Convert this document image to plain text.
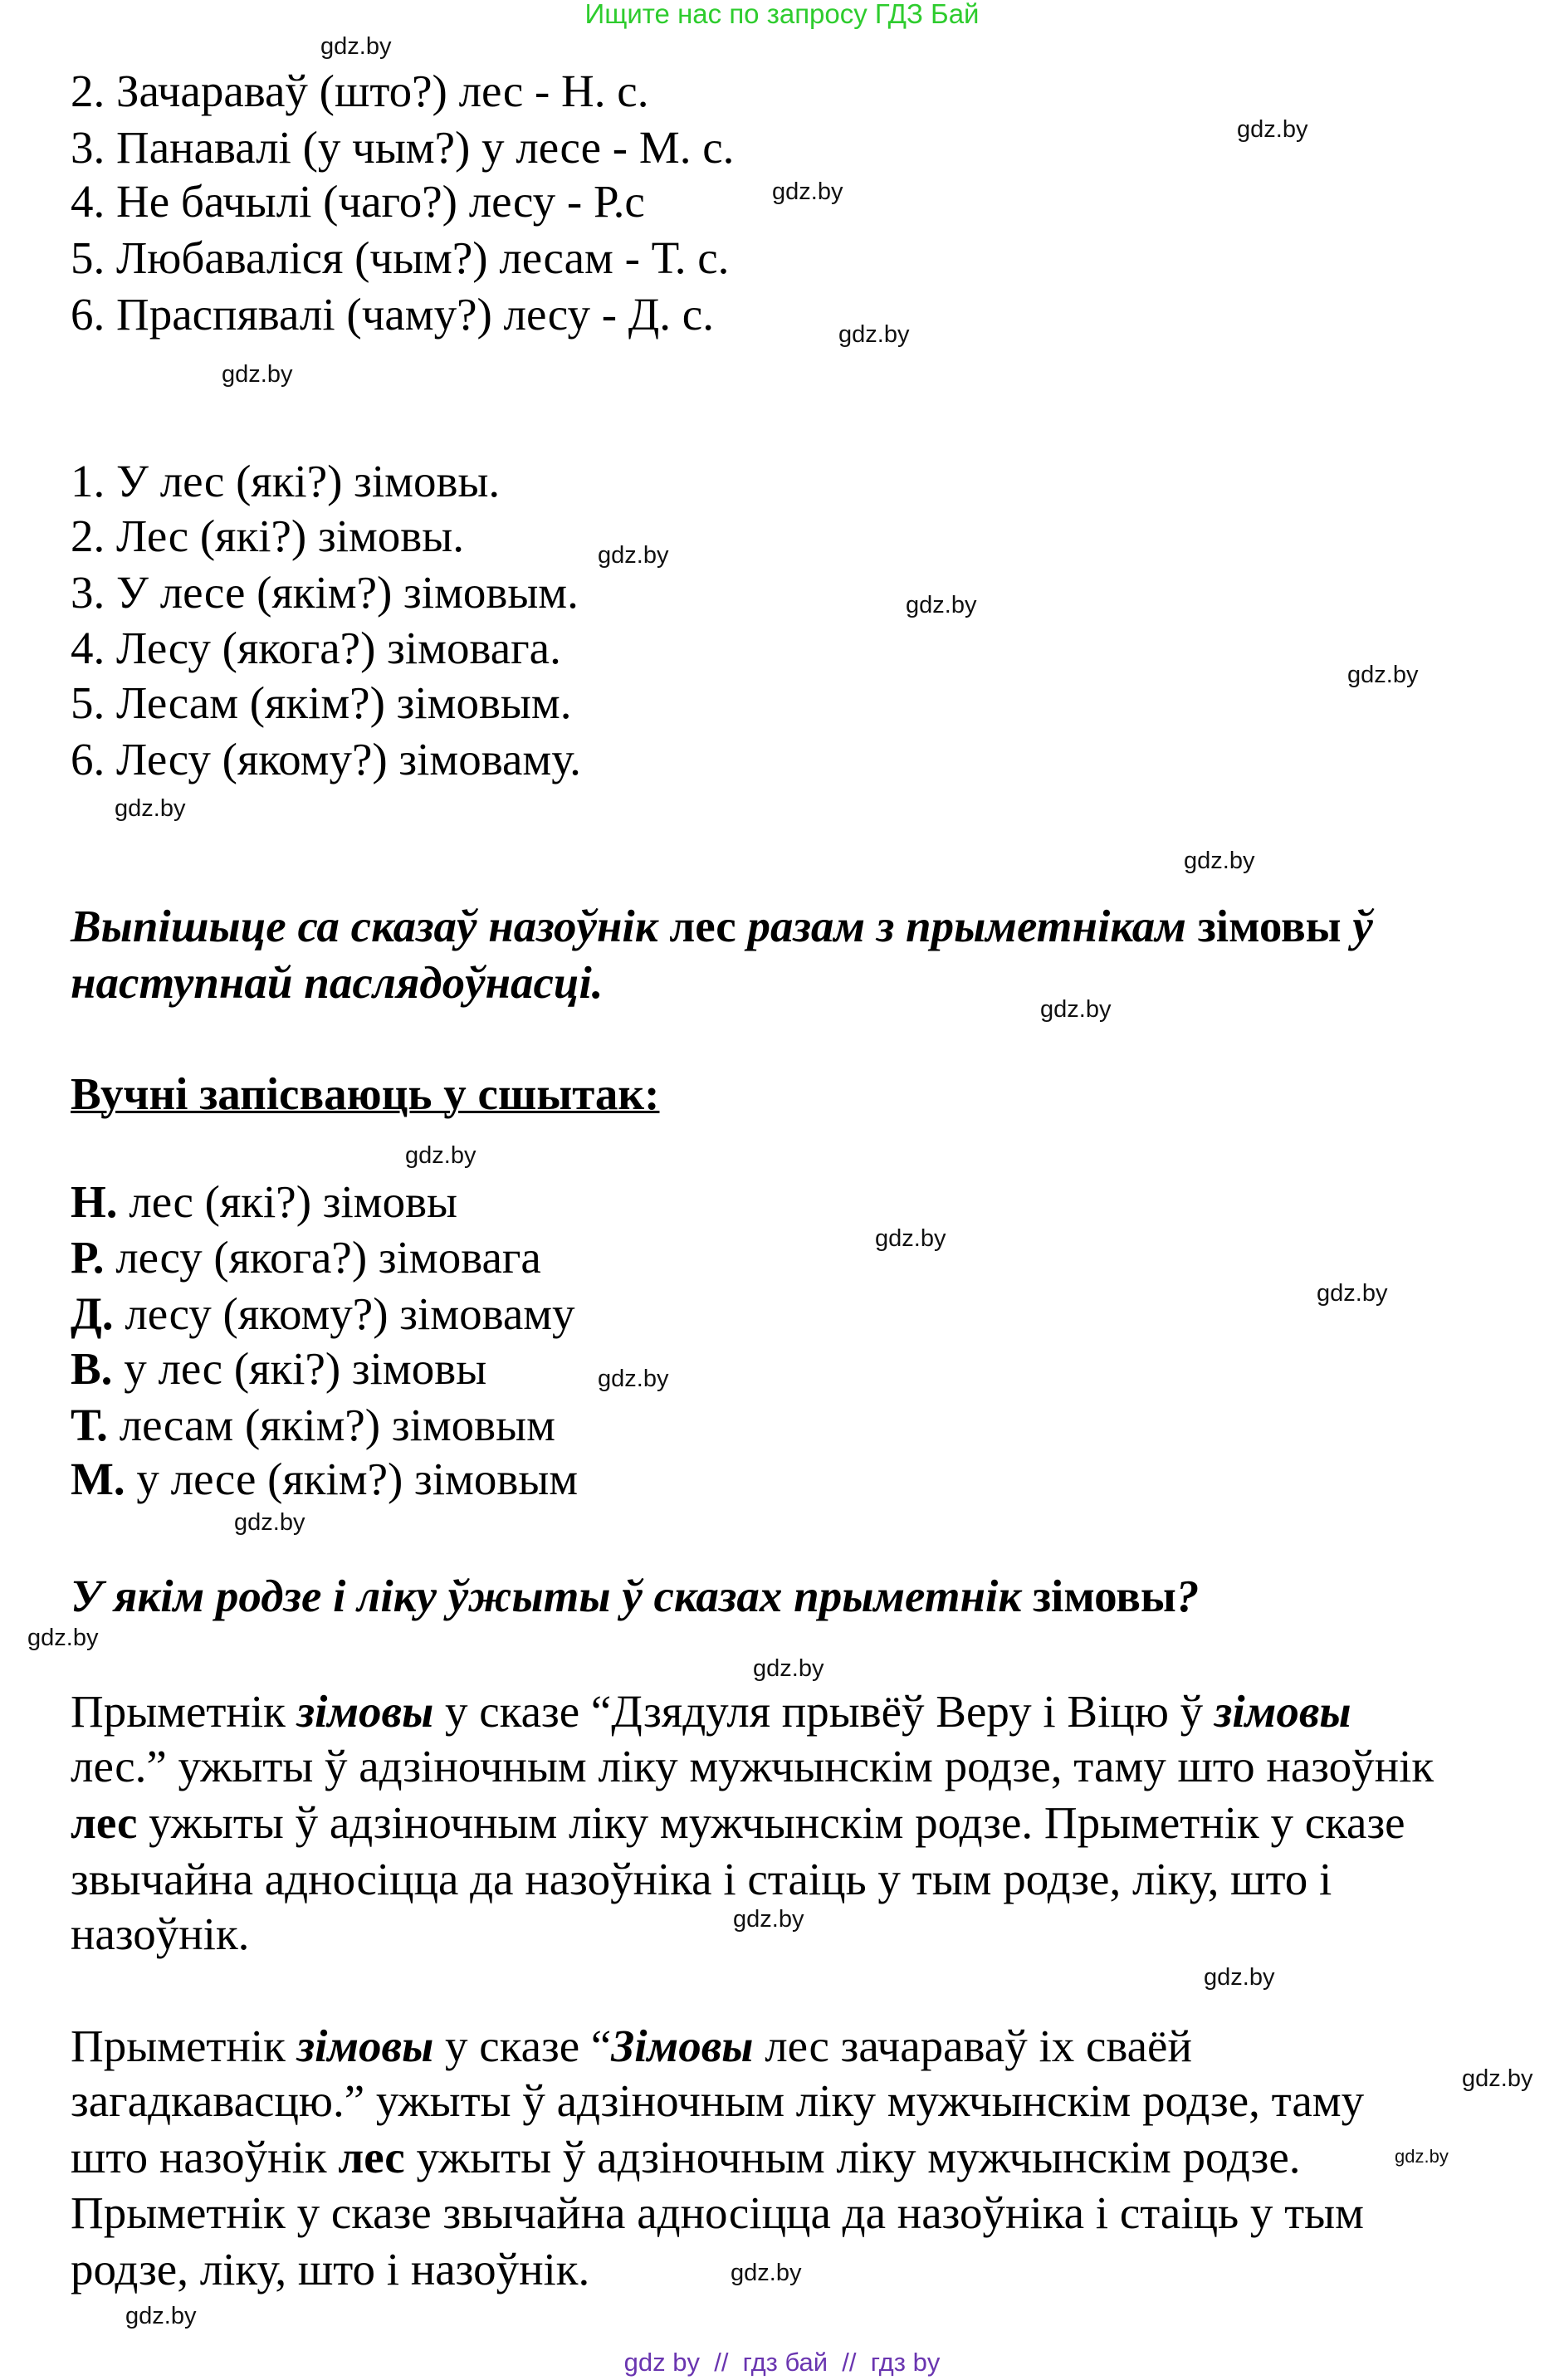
Ищите нас по запросу ГДЗ Бай
2. Зачараваў (што?) лес - Н. с.
3. Панавалі (у чым?) у лесе - М. с.
4. Не бачылі (чаго?) лесу - Р.с
5. Любаваліся (чым?) лесам - Т. с.
6. Праспявалі (чаму?) лесу - Д. с.
1. У лес (які?) зімовы.
2. Лес (які?) зімовы.
3. У лесе (якім?) зімовым.
4. Лесу (якога?) зімовага.
5. Лесам (якім?) зімовым.
6. Лесу (якому?) зімоваму.
Выпішыце са сказаў назоўнік лес разам з прыметнікам зімовы ў
наступнай паслядоўнасці.
Вучні запісваюць у сшытак:
Н. лес (які?) зімовы
Р. лесу (якога?) зімовага
Д. лесу (якому?) зімоваму
В. у лес (які?) зімовы
Т. лесам (якім?) зімовым
М. у лесе (якім?) зімовым
У якім родзе і ліку ўжыты ў сказах прыметнік зімовы?
Прыметнік зімовы у сказе “Дзядуля прывёў Веру і Віцю ў зімовы
лес.” ужыты ў адзіночным ліку мужчынскім родзе, таму што назоўнік
лес ужыты ў адзіночным ліку мужчынскім родзе. Прыметнік у сказе
звычайна адносіцца да назоўніка і стаіць у тым родзе, ліку, што і
назоўнік.
Прыметнік зімовы у сказе “Зімовы лес зачараваў іх сваёй
загадкавасцю.” ужыты ў адзіночным ліку мужчынскім родзе, таму
што назоўнік лес ужыты ў адзіночным ліку мужчынскім родзе.
Прыметнік у сказе звычайна адносіцца да назоўніка і стаіць у тым
родзе, ліку, што і назоўнік.
gdz.by
gdz.by
gdz.by
gdz.by
gdz.by
gdz.by
gdz.by
gdz.by
gdz.by
gdz.by
gdz.by
gdz.by
gdz.by
gdz.by
gdz.by
gdz.by
gdz.by
gdz.by
gdz.by
gdz.by
gdz.by
gdz.by
gdz.by
gdz.by
gdz by  //  гдз бай  //  гдз by
